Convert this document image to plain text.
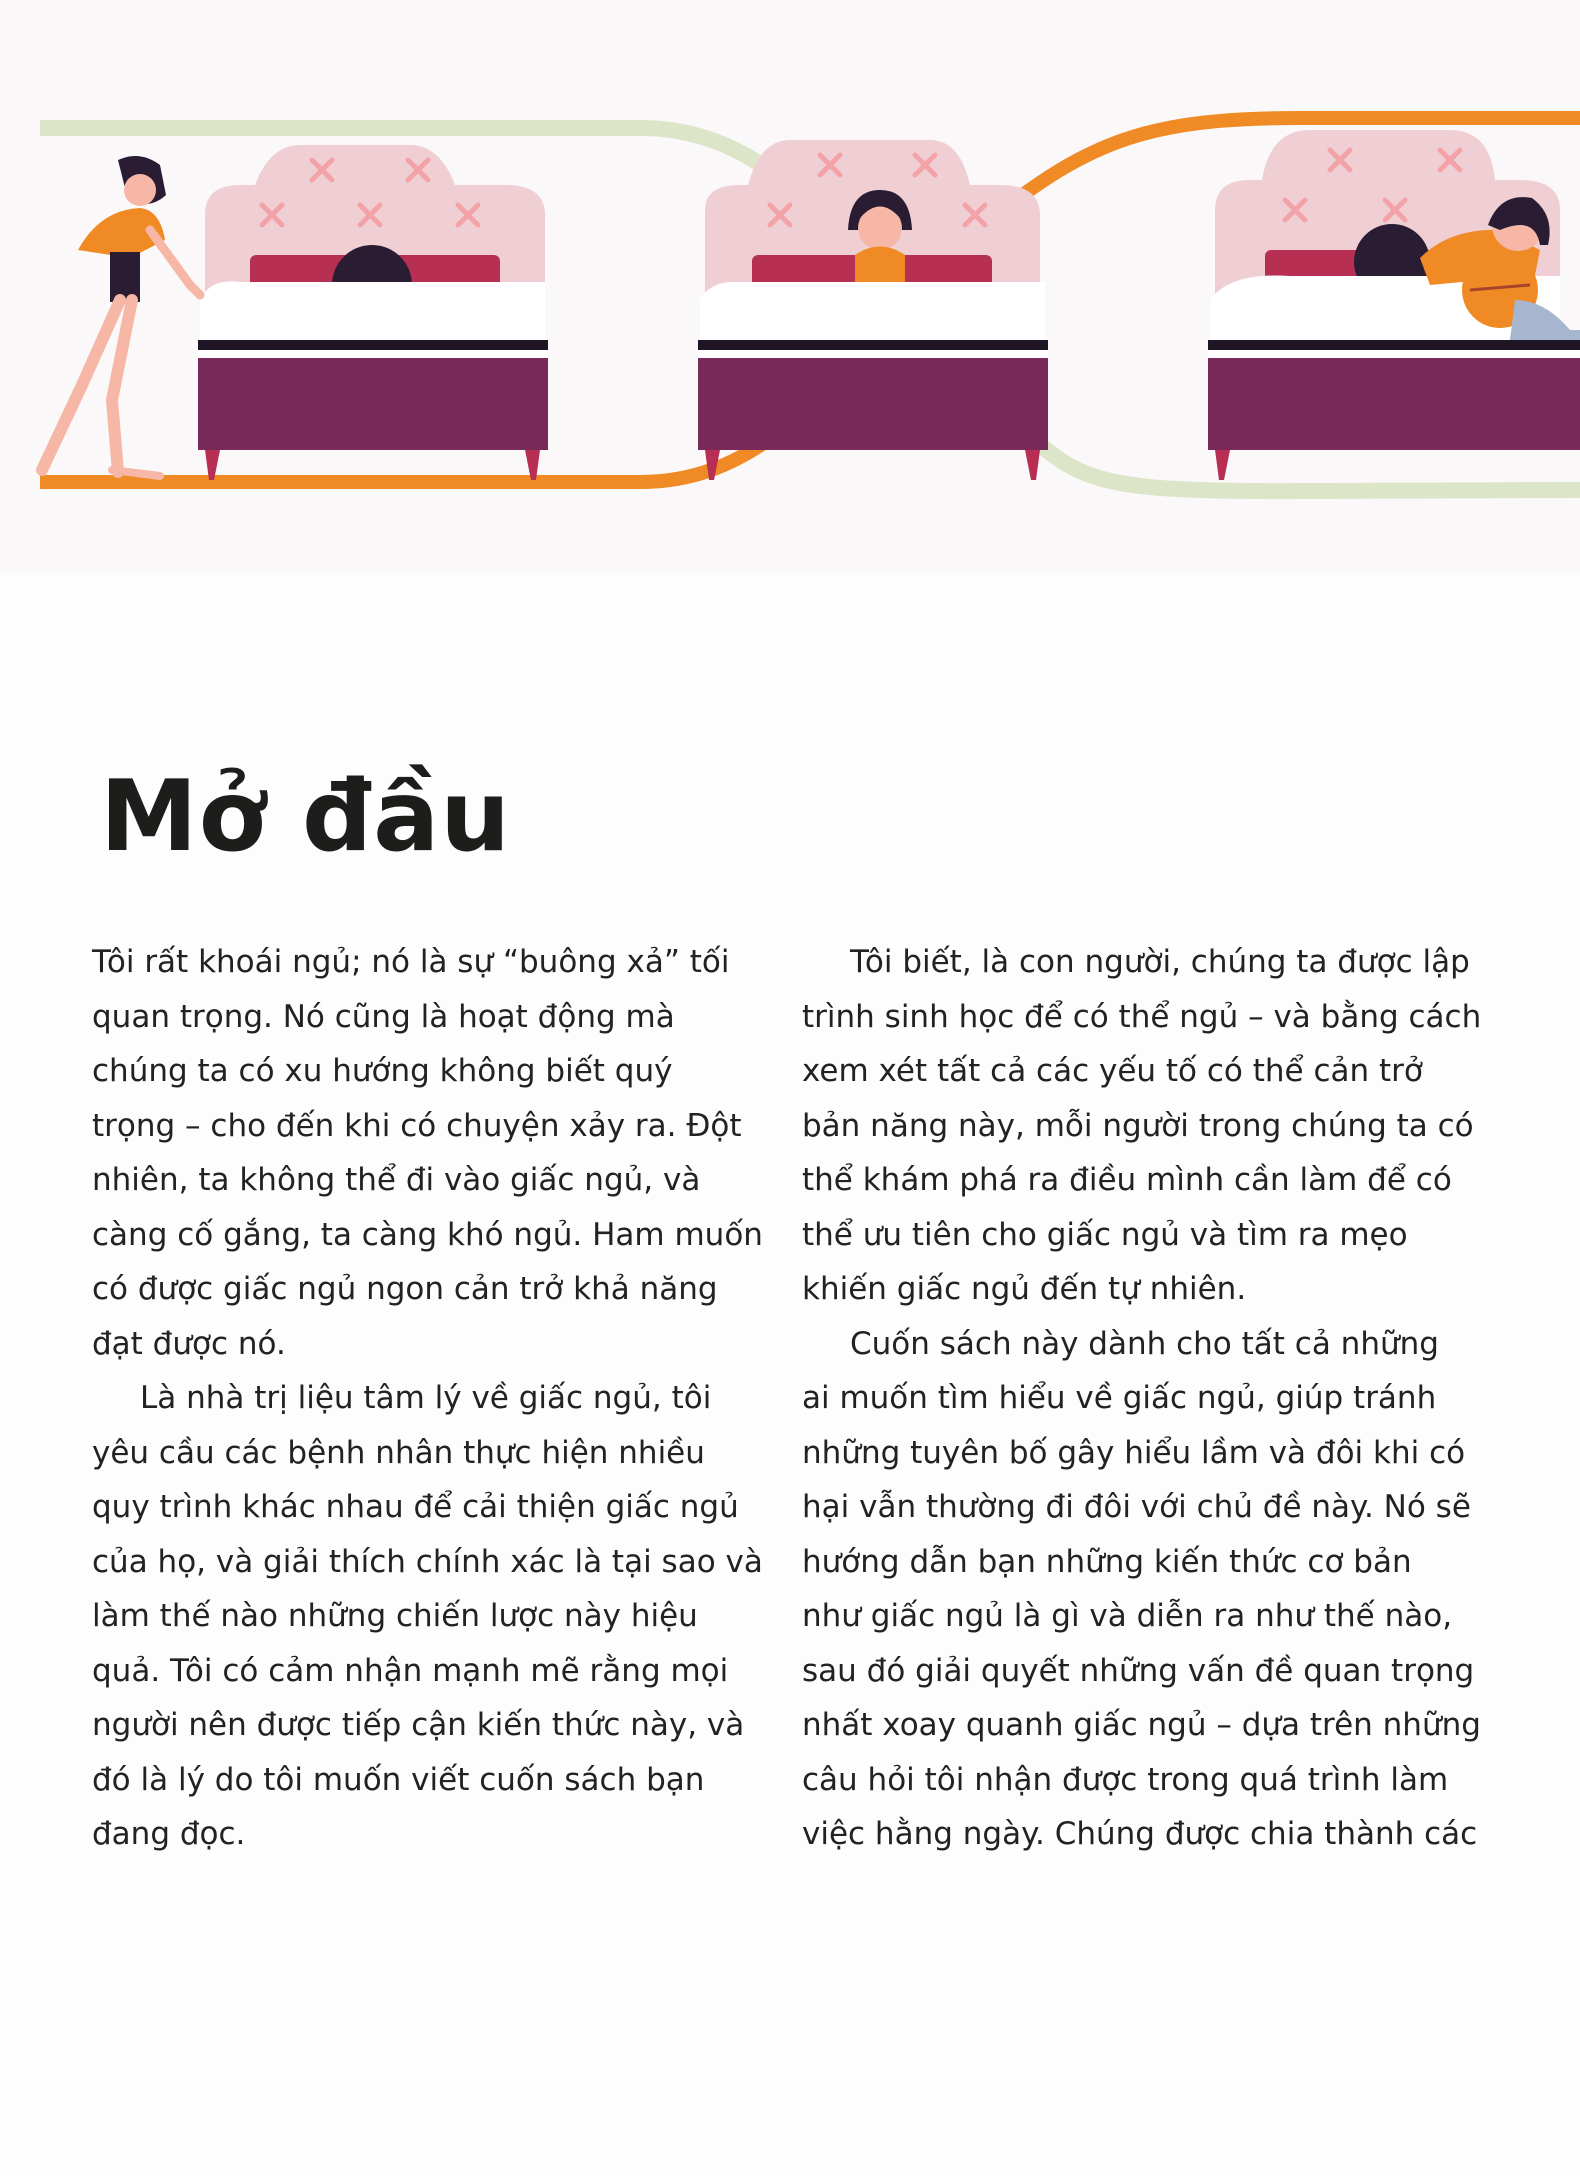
Mở đầu

Tôi rất khoái ngủ; nó là sự “buông xả” tối
quan trọng. Nó cũng là hoạt động mà
chúng ta có xu hướng không biết quý
trọng – cho đến khi có chuyện xảy ra. Đột
nhiên, ta không thể đi vào giấc ngủ, và
càng cố gắng, ta càng khó ngủ. Ham muốn
có được giấc ngủ ngon cản trở khả năng
đạt được nó.

Là nhà trị liệu tâm lý về giấc ngủ, tôi
yêu cầu các bệnh nhân thực hiện nhiều
quy trình khác nhau để cải thiện giấc ngủ
của họ, và giải thích chính xác là tại sao và
làm thế nào những chiến lược này hiệu
quả. Tôi có cảm nhận mạnh mẽ rằng mọi
người nên được tiếp cận kiến thức này, và
đó là lý do tôi muốn viết cuốn sách bạn
đang đọc.

Tôi biết, là con người, chúng ta được lập
trình sinh học để có thể ngủ – và bằng cách
xem xét tất cả các yếu tố có thể cản trở
bản năng này, mỗi người trong chúng ta có
thể khám phá ra điều mình cần làm để có
thể ưu tiên cho giấc ngủ và tìm ra mẹo
khiến giấc ngủ đến tự nhiên.

Cuốn sách này dành cho tất cả những
ai muốn tìm hiểu về giấc ngủ, giúp tránh
những tuyên bố gây hiểu lầm và đôi khi có
hại vẫn thường đi đôi với chủ đề này. Nó sẽ
hướng dẫn bạn những kiến thức cơ bản
như giấc ngủ là gì và diễn ra như thế nào,
sau đó giải quyết những vấn đề quan trọng
nhất xoay quanh giấc ngủ – dựa trên những
câu hỏi tôi nhận được trong quá trình làm
việc hằng ngày. Chúng được chia thành các
